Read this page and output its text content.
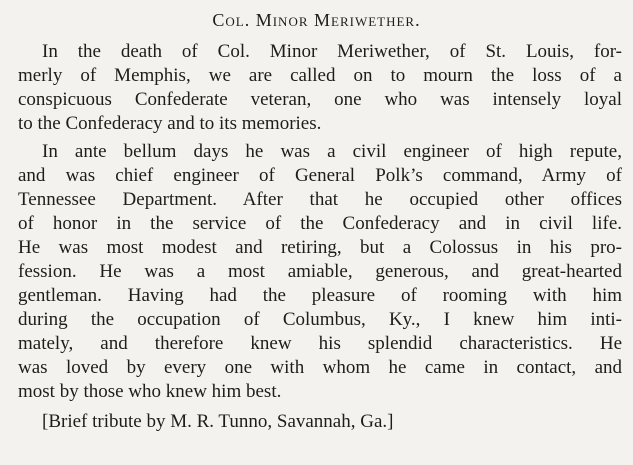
Col. Minor Meriwether.
In the death of Col. Minor Meriwether, of St. Louis, for-
merly of Memphis, we are called on to mourn the loss of a
conspicuous Confederate veteran, one who was intensely loyal
to the Confederacy and to its memories.
In ante bellum days he was a civil engineer of high repute,
and was chief engineer of General Polk’s command, Army of
Tennessee Department. After that he occupied other offices
of honor in the service of the Confederacy and in civil life.
He was most modest and retiring, but a Colossus in his pro-
fession. He was a most amiable, generous, and great-hearted
gentleman. Having had the pleasure of rooming with him
during the occupation of Columbus, Ky., I knew him inti-
mately, and therefore knew his splendid characteristics. He
was loved by every one with whom he came in contact, and
most by those who knew him best.
[Brief tribute by M. R. Tunno, Savannah, Ga.]
